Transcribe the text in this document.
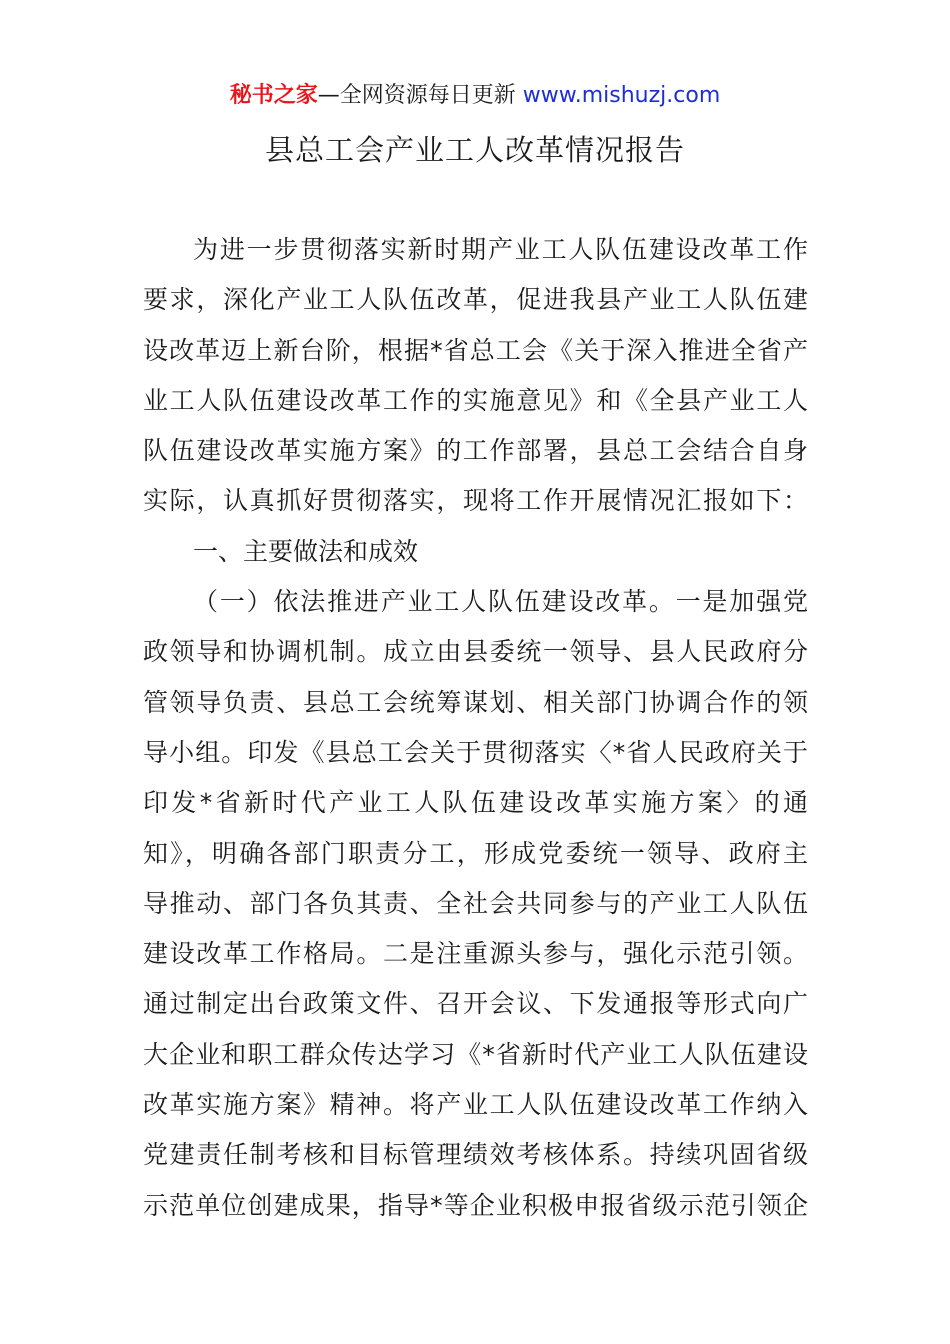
秘书之家—全网资源每日更新 www.mishuzj.com
县总工会产业工人改革情况报告
为进一步贯彻落实新时期产业工人队伍建设改革工作
要求，深化产业工人队伍改革，促进我县产业工人队伍建
设改革迈上新台阶，根据*省总工会《关于深入推进全省产
业工人队伍建设改革工作的实施意见》和《全县产业工人
队伍建设改革实施方案》的工作部署，县总工会结合自身
实际，认真抓好贯彻落实，现将工作开展情况汇报如下：
一、主要做法和成效
（一）依法推进产业工人队伍建设改革。一是加强党
政领导和协调机制。成立由县委统一领导、县人民政府分
管领导负责、县总工会统筹谋划、相关部门协调合作的领
导小组。印发《县总工会关于贯彻落实〈*省人民政府关于
印发*省新时代产业工人队伍建设改革实施方案〉的通
知》，明确各部门职责分工，形成党委统一领导、政府主
导推动、部门各负其责、全社会共同参与的产业工人队伍
建设改革工作格局。二是注重源头参与，强化示范引领。
通过制定出台政策文件、召开会议、下发通报等形式向广
大企业和职工群众传达学习《*省新时代产业工人队伍建设
改革实施方案》精神。将产业工人队伍建设改革工作纳入
党建责任制考核和目标管理绩效考核体系。持续巩固省级
示范单位创建成果，指导*等企业积极申报省级示范引领企
